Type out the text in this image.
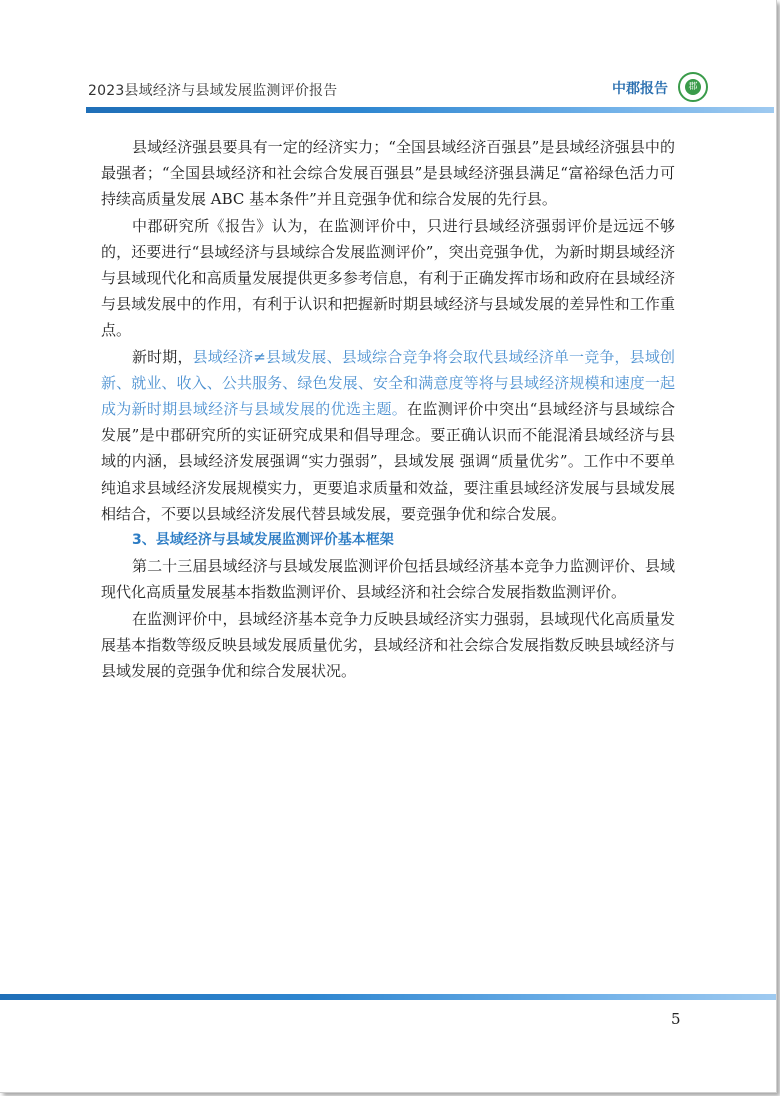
2023县域经济与县域发展监测评价报告	中郡报告	郡

县域经济强县要具有一定的经济实力；“全国县域经济百强县”是县域经济强县中的最强者；“全国县域经济和社会综合发展百强县”是县域经济强县满足“富裕绿色活力可持续高质量发展 ABC 基本条件”并且竞强争优和综合发展的先行县。

中郡研究所《报告》认为，在监测评价中，只进行县域经济强弱评价是远远不够的，还要进行“县域经济与县域综合发展监测评价”，突出竞强争优，为新时期县域经济与县域现代化和高质量发展提供更多参考信息，有利于正确发挥市场和政府在县域经济与县域发展中的作用，有利于认识和把握新时期县域经济与县域发展的差异性和工作重点。

新时期，县域经济≠县域发展、县域综合竞争将会取代县域经济单一竞争，县域创新、就业、收入、公共服务、绿色发展、安全和满意度等将与县域经济规模和速度一起成为新时期县域经济与县域发展的优选主题。在监测评价中突出“县域经济与县域综合发展”是中郡研究所的实证研究成果和倡导理念。要正确认识而不能混淆县域经济与县域的内涵，县域经济发展强调“实力强弱”，县域发展 强调“质量优劣”。工作中不要单纯追求县域经济发展规模实力，更要追求质量和效益，要注重县域经济发展与县域发展相结合，不要以县域经济发展代替县域发展，要竞强争优和综合发展。

3、县域经济与县域发展监测评价基本框架

第二十三届县域经济与县域发展监测评价包括县域经济基本竞争力监测评价、县域现代化高质量发展基本指数监测评价、县域经济和社会综合发展指数监测评价。

在监测评价中，县域经济基本竞争力反映县域经济实力强弱，县域现代化高质量发展基本指数等级反映县域发展质量优劣，县域经济和社会综合发展指数反映县域经济与县域发展的竞强争优和综合发展状况。

5
